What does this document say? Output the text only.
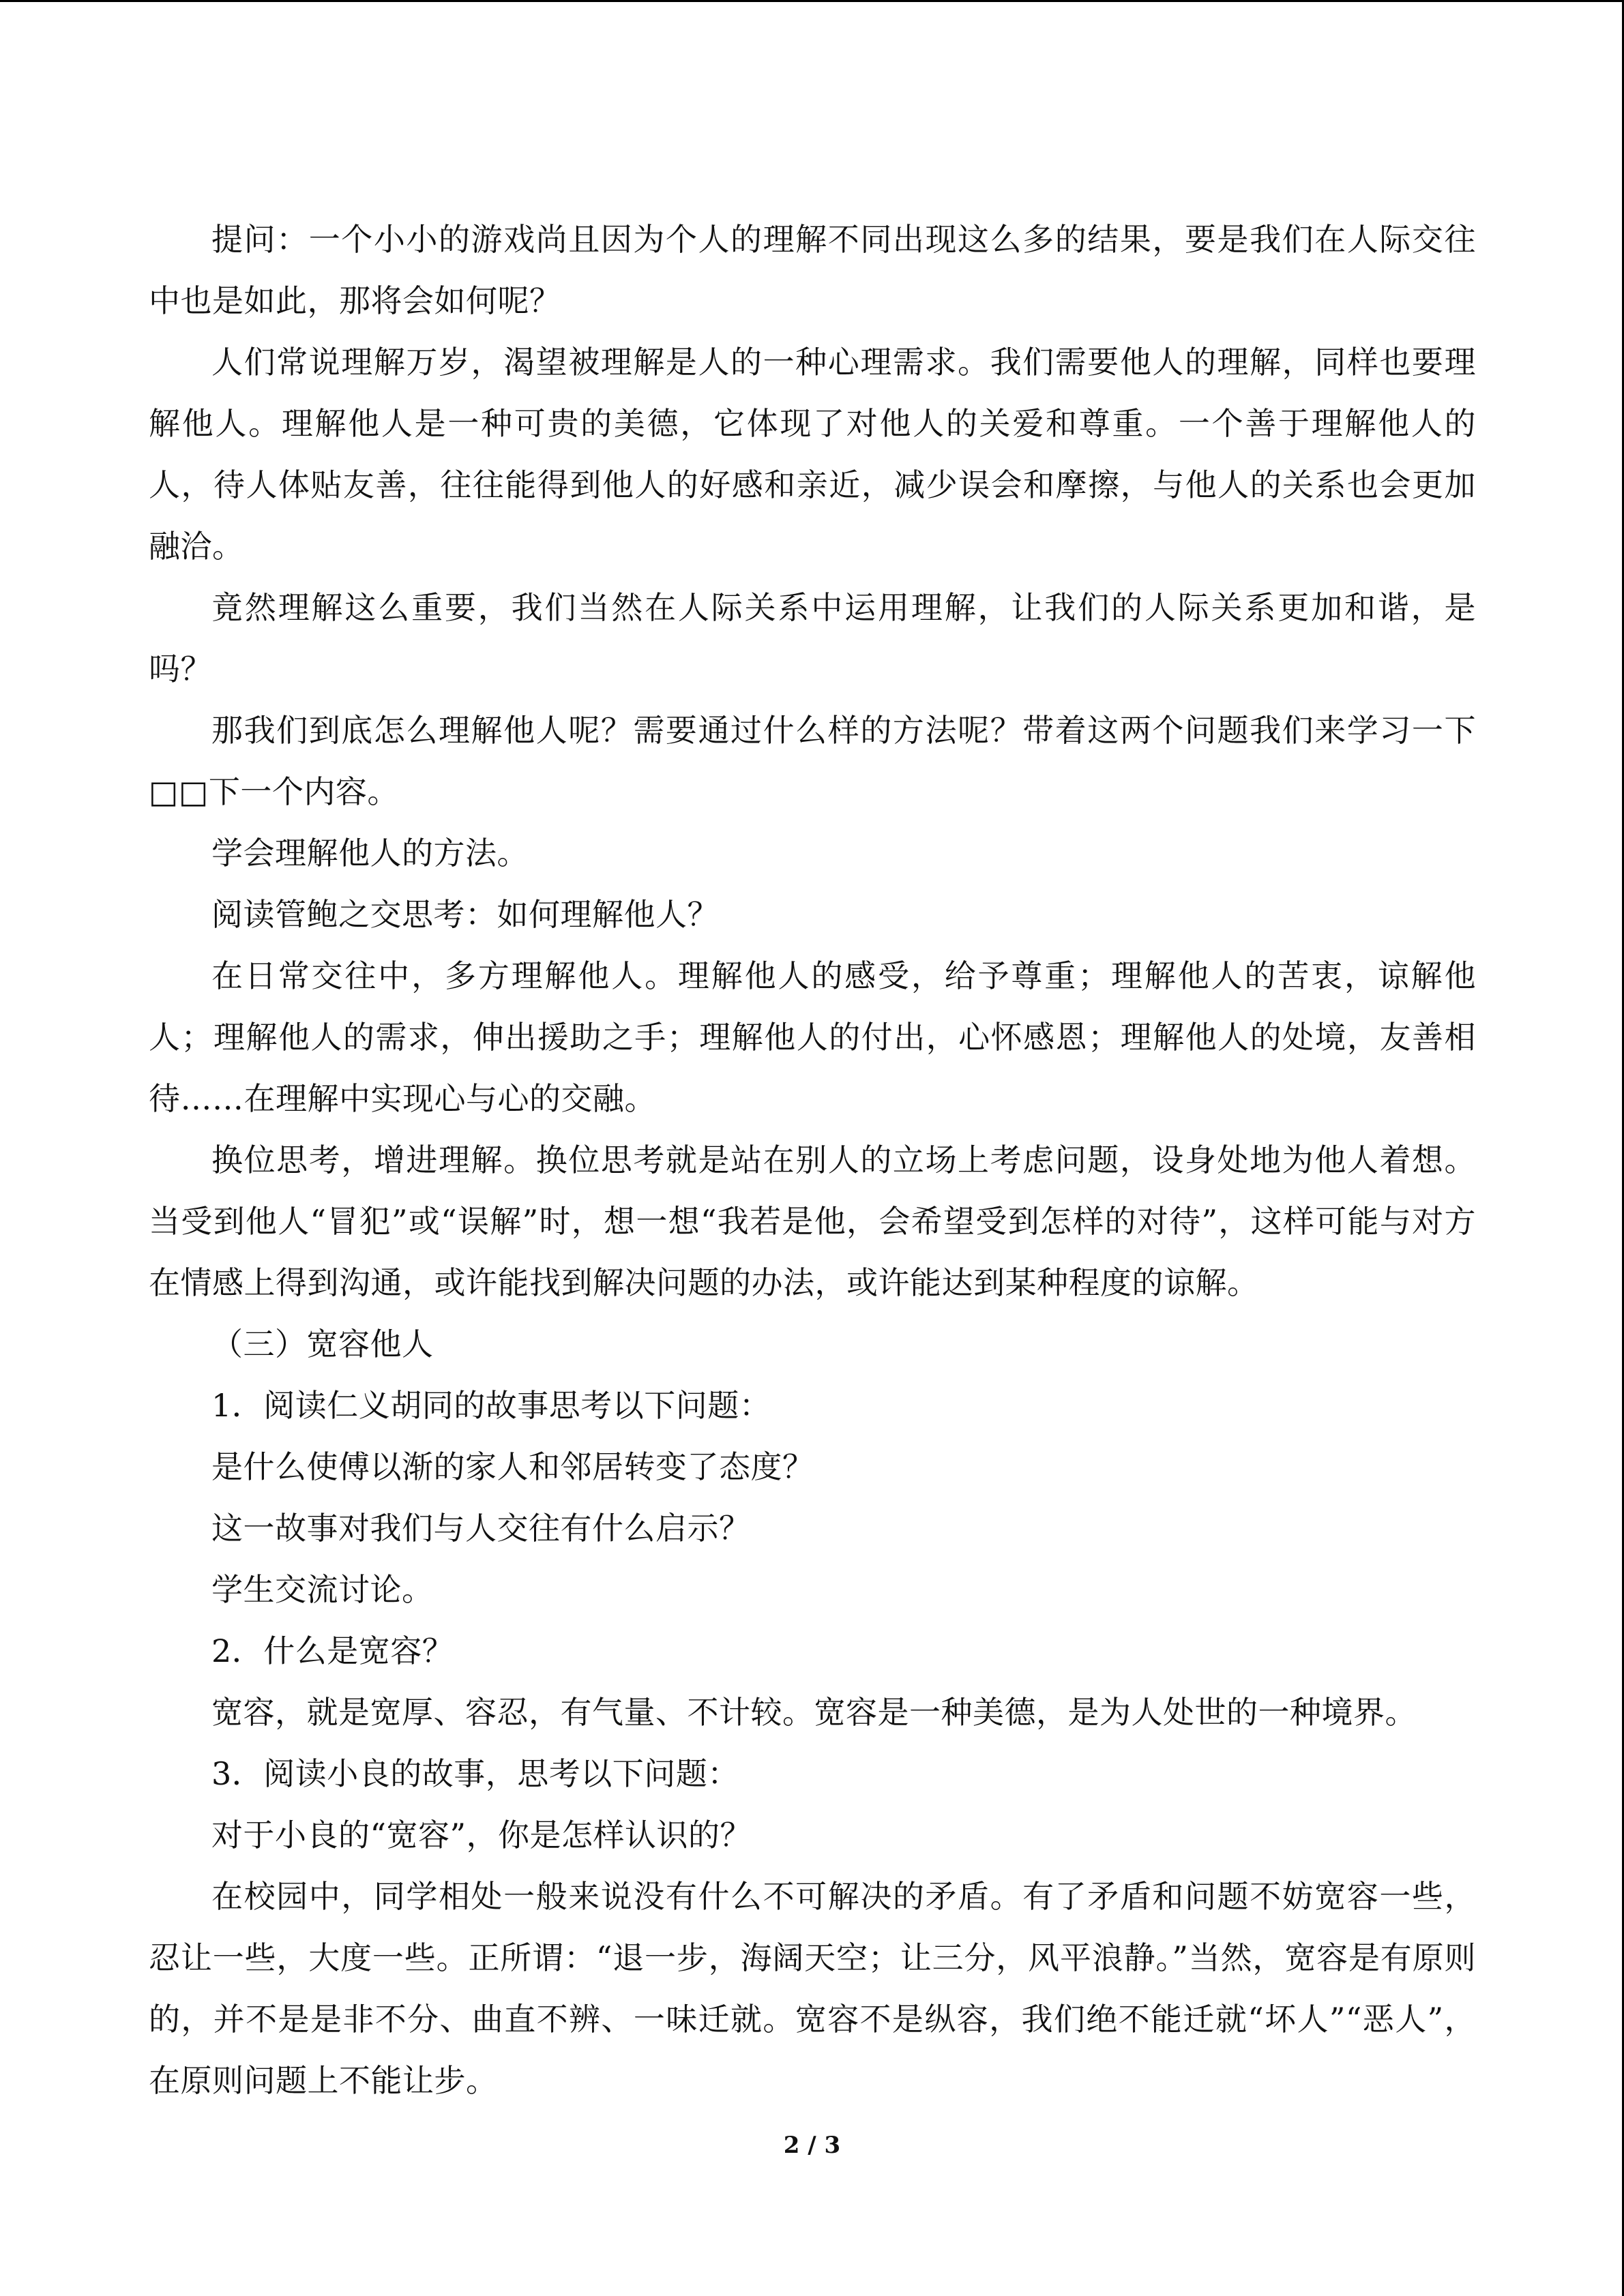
提问：一个小小的游戏尚且因为个人的理解不同出现这么多的结果，要是我们在人际交往中也是如此，那将会如何呢？

人们常说理解万岁，渴望被理解是人的一种心理需求。我们需要他人的理解，同样也要理解他人。理解他人是一种可贵的美德，它体现了对他人的关爱和尊重。一个善于理解他人的人，待人体贴友善，往往能得到他人的好感和亲近，减少误会和摩擦，与他人的关系也会更加融洽。

竟然理解这么重要，我们当然在人际关系中运用理解，让我们的人际关系更加和谐，是吗？

那我们到底怎么理解他人呢？需要通过什么样的方法呢？带着这两个问题我们来学习一下□□下一个内容。

学会理解他人的方法。

阅读管鲍之交思考：如何理解他人？

在日常交往中，多方理解他人。理解他人的感受，给予尊重；理解他人的苦衷，谅解他人；理解他人的需求，伸出援助之手；理解他人的付出，心怀感恩；理解他人的处境，友善相待……在理解中实现心与心的交融。

换位思考，增进理解。换位思考就是站在别人的立场上考虑问题，设身处地为他人着想。当受到他人“冒犯”或“误解”时，想一想“我若是他，会希望受到怎样的对待”，这样可能与对方在情感上得到沟通，或许能找到解决问题的办法，或许能达到某种程度的谅解。

（三）宽容他人

1．阅读仁义胡同的故事思考以下问题：

是什么使傅以渐的家人和邻居转变了态度？

这一故事对我们与人交往有什么启示？

学生交流讨论。

2．什么是宽容？

宽容，就是宽厚、容忍，有气量、不计较。宽容是一种美德，是为人处世的一种境界。

3．阅读小良的故事，思考以下问题：

对于小良的“宽容”，你是怎样认识的？

在校园中，同学相处一般来说没有什么不可解决的矛盾。有了矛盾和问题不妨宽容一些，忍让一些，大度一些。正所谓：“退一步，海阔天空；让三分，风平浪静。”当然，宽容是有原则的，并不是是非不分、曲直不辨、一味迁就。宽容不是纵容，我们绝不能迁就“坏人”“恶人”，在原则问题上不能让步。

2 / 3
